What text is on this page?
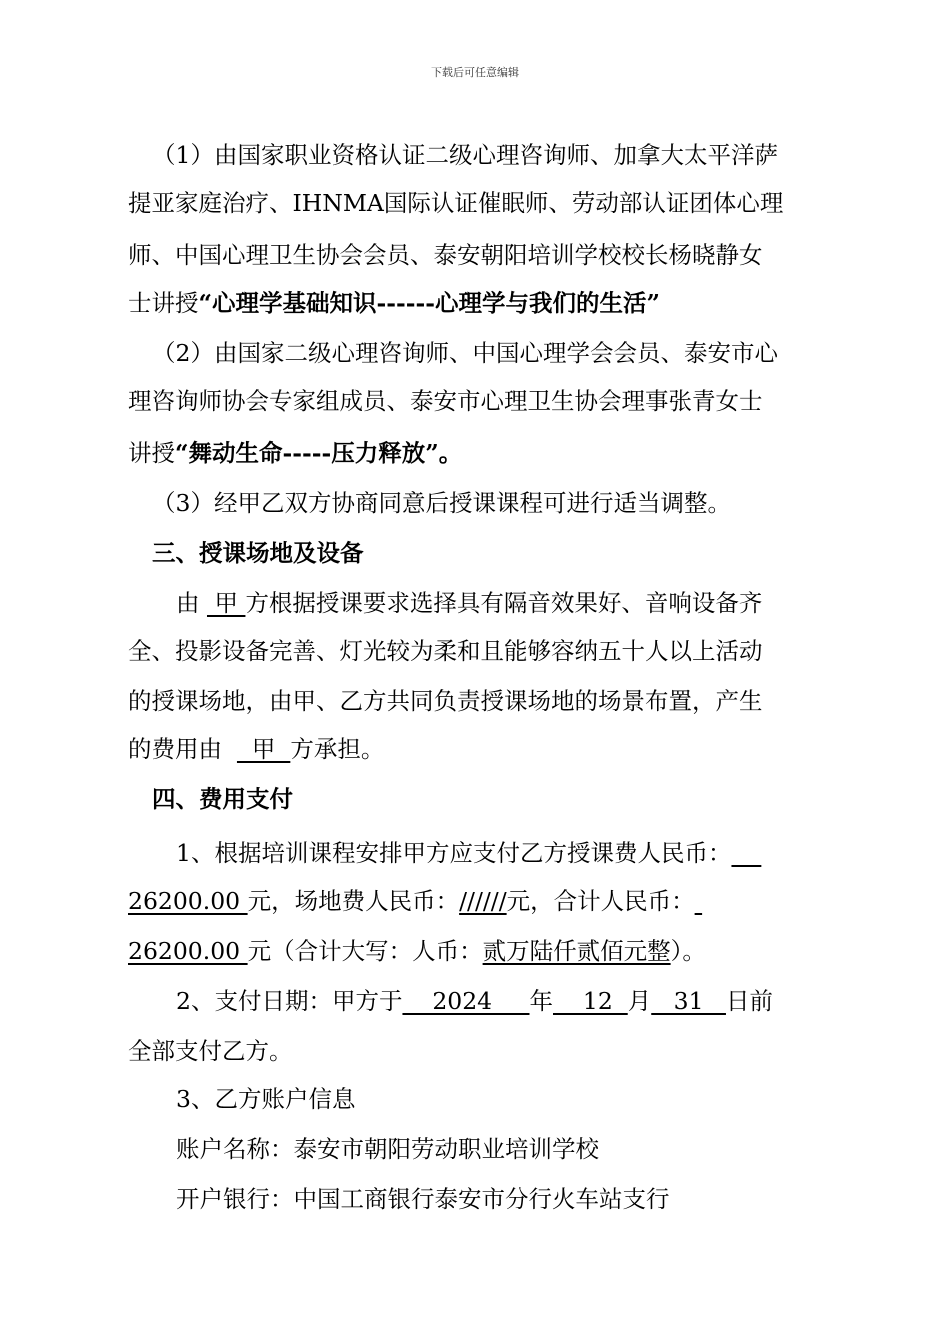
下载后可任意编辑
（1）由国家职业资格认证二级心理咨询师、加拿大太平洋萨
提亚家庭治疗、IHNMA国际认证催眠师、劳动部认证团体心理
师、中国心理卫生协会会员、泰安朝阳培训学校校长杨晓静女
士讲授“心理学基础知识------心理学与我们的生活”
（2）由国家二级心理咨询师、中国心理学会会员、泰安市心
理咨询师协会专家组成员、泰安市心理卫生协会理事张青女士
讲授“舞动生命-----压力释放”。
（3）经甲乙双方协商同意后授课课程可进行适当调整。
三、授课场地及设备
由  甲 方根据授课要求选择具有隔音效果好、音响设备齐
全、投影设备完善、灯光较为柔和且能够容纳五十人以上活动
的授课场地，由甲、乙方共同负责授课场地的场景布置，产生
的费用由    甲  方承担。
四、费用支付
1、根据培训课程安排甲方应支付乙方授课费人民币：
26200.00 元，场地费人民币：//////元，合计人民币：
26200.00 元（合计大写：人币：贰万陆仟贰佰元整）。
2、支付日期：甲方于    2024     年    12  月   31   日前
全部支付乙方。
3、乙方账户信息
账户名称：泰安市朝阳劳动职业培训学校
开户银行：中国工商银行泰安市分行火车站支行
